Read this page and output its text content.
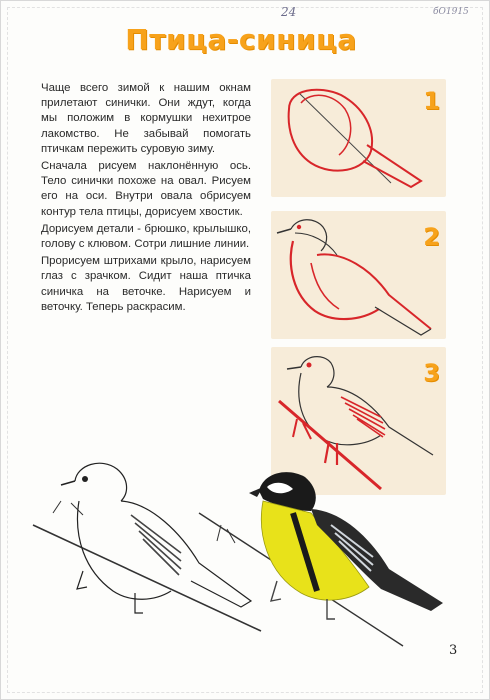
24	бО1915
Птица-синица

Чаще всего зимой к нашим окнам прилетают синички. Они ждут, когда мы положим в кормушки нехитрое лакомство. Не забывай помогать птичкам пережить суровую зиму.

Сначала рисуем наклонённую ось. Тело синички похоже на овал. Рисуем его на оси. Внутри овала обрисуем контур тела птицы, дорисуем хвостик.

Дорисуем детали - брюшко, крылышко, голову с клювом. Сотри лишние линии.

Прорисуем штрихами крыло, нарисуем глаз с зрачком. Сидит наша птичка синичка на веточке. Нарисуем и веточку. Теперь раскрасим.

1
2
3
3
